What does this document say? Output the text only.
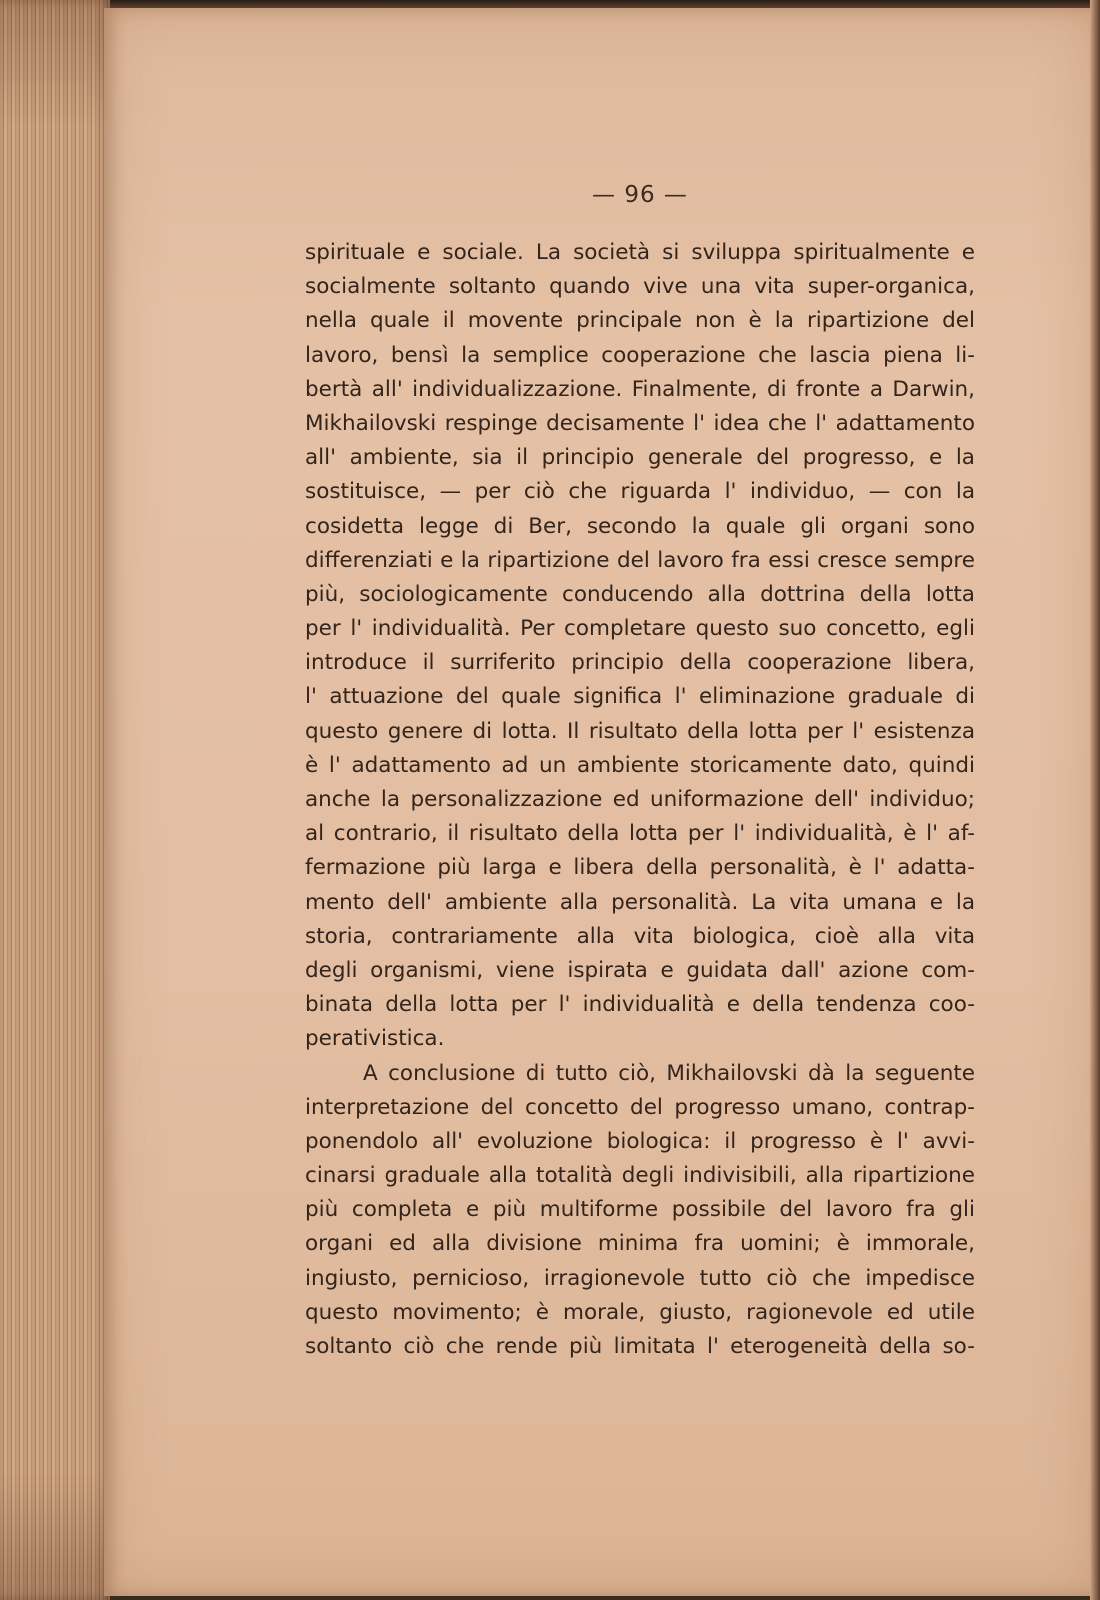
— 96 —
spirituale e sociale. La società si sviluppa spiritualmente e
socialmente soltanto quando vive una vita super-organica,
nella quale il movente principale non è la ripartizione del
lavoro, bensì la semplice cooperazione che lascia piena li-
bertà all' individualizzazione. Finalmente, di fronte a Darwin,
Mikhailovski respinge decisamente l' idea che l' adattamento
all' ambiente, sia il principio generale del progresso, e la
sostituisce, — per ciò che riguarda l' individuo, — con la
cosidetta legge di Ber, secondo la quale gli organi sono
differenziati e la ripartizione del lavoro fra essi cresce sempre
più, sociologicamente conducendo alla dottrina della lotta
per l' individualità. Per completare questo suo concetto, egli
introduce il surriferito principio della cooperazione libera,
l' attuazione del quale significa l' eliminazione graduale di
questo genere di lotta. Il risultato della lotta per l' esistenza
è l' adattamento ad un ambiente storicamente dato, quindi
anche la personalizzazione ed uniformazione dell' individuo;
al contrario, il risultato della lotta per l' individualità, è l' af-
fermazione più larga e libera della personalità, è l' adatta-
mento dell' ambiente alla personalità. La vita umana e la
storia, contrariamente alla vita biologica, cioè alla vita
degli organismi, viene ispirata e guidata dall' azione com-
binata della lotta per l' individualità e della tendenza coo-
perativistica.
A conclusione di tutto ciò, Mikhailovski dà la seguente
interpretazione del concetto del progresso umano, contrap-
ponendolo all' evoluzione biologica: il progresso è l' avvi-
cinarsi graduale alla totalità degli indivisibili, alla ripartizione
più completa e più multiforme possibile del lavoro fra gli
organi ed alla divisione minima fra uomini; è immorale,
ingiusto, pernicioso, irragionevole tutto ciò che impedisce
questo movimento; è morale, giusto, ragionevole ed utile
soltanto ciò che rende più limitata l' eterogeneità della so-
